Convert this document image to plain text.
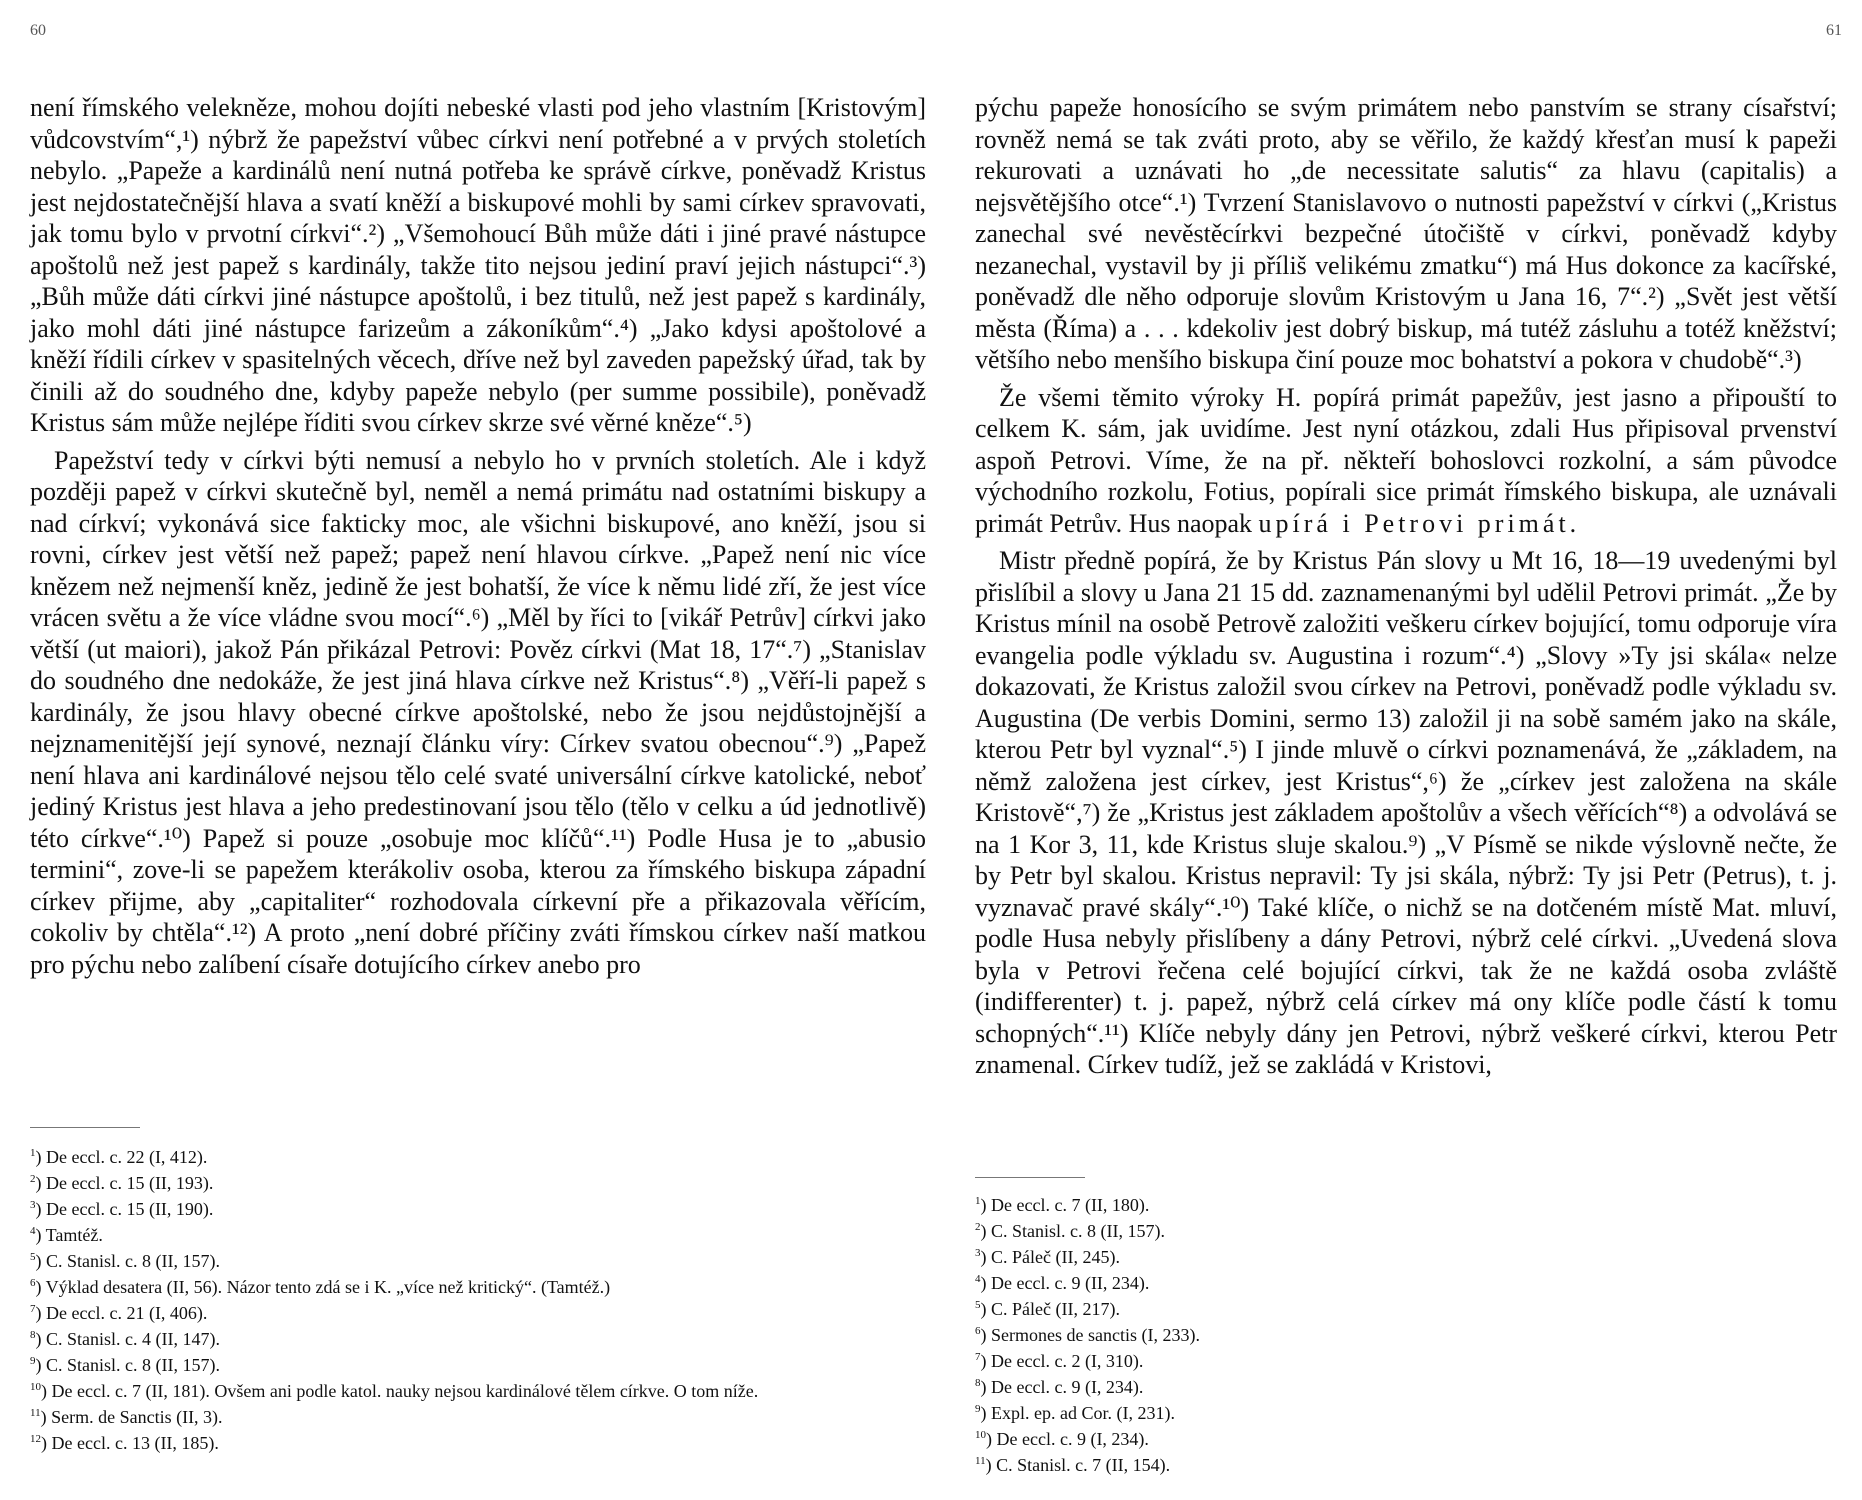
60

není římského velekněze, mohou dojíti nebeské vlasti pod jeho vlastním [Kristovým] vůdcovstvím“,¹) nýbrž že papežství vůbec církvi není potřebné a v prvých stoletích nebylo. „Papeže a kardinálů není nutná potřeba ke správě církve, poněvadž Kristus jest nejdostatečnější hlava a svatí kněží a biskupové mohli by sami církev spravovati, jak tomu bylo v prvotní církvi“.²) „Všemohoucí Bůh může dáti i jiné pravé nástupce apoštolů než jest papež s kardinály, takže tito nejsou jediní praví jejich nástupci“.³) „Bůh může dáti církvi jiné nástupce apoštolů, i bez titulů, než jest papež s kardinály, jako mohl dáti jiné nástupce farizeům a zákoníkům“.⁴) „Jako kdysi apoštolové a kněží řídili církev v spasitelných věcech, dříve než byl zaveden papežský úřad, tak by činili až do soudného dne, kdyby papeže nebylo (per summe possibile), poněvadž Kristus sám může nejlépe říditi svou církev skrze své věrné kněze“.⁵)

Papežství tedy v církvi býti nemusí a nebylo ho v prvních stoletích. Ale i když později papež v církvi skutečně byl, neměl a nemá primátu nad ostatními biskupy a nad církví; vykonává sice fakticky moc, ale všichni biskupové, ano kněží, jsou si rovni, církev jest větší než papež; papež není hlavou církve. „Papež není nic více knězem než nejmenší kněz, jedině že jest bohatší, že více k němu lidé zří, že jest více vrácen světu a že více vládne svou mocí“.⁶) „Měl by říci to [vikář Petrův] církvi jako větší (ut maiori), jakož Pán přikázal Petrovi: Pověz církvi (Mat 18, 17“.⁷) „Stanislav do soudného dne nedokáže, že jest jiná hlava církve než Kristus“.⁸) „Věří-li papež s kardinály, že jsou hlavy obecné církve apoštolské, nebo že jsou nejdůstojnější a nejznamenitější její synové, neznají článku víry: Církev svatou obecnou“.⁹) „Papež není hlava ani kardinálové nejsou tělo celé svaté universální církve katolické, neboť jediný Kristus jest hlava a jeho predestinovaní jsou tělo (tělo v celku a úd jednotlivě) této církve“.¹⁰) Papež si pouze „osobuje moc klíčů“.¹¹) Podle Husa je to „abusio termini“, zove-li se papežem kterákoliv osoba, kterou za římského biskupa západní církev přijme, aby „capitaliter“ rozhodovala církevní pře a přikazovala věřícím, cokoliv by chtěla“.¹²) A proto „není dobré příčiny zváti římskou církev naší matkou pro pýchu nebo zalíbení císaře dotujícího církev anebo pro

$^1$) De eccl. c. 22 (I, 412).

$^2$) De eccl. c. 15 (II, 193).

$^3$) De eccl. c. 15 (II, 190).

$^4$) Tamtéž.

$^5$) C. Stanisl. c. 8 (II, 157).

$^6$) Výklad desatera (II, 56). Názor tento zdá se i K. „více než kritický“. (Tamtéž.)

$^7$) De eccl. c. 21 (I, 406).

$^8$) C. Stanisl. c. 4 (II, 147).

$^9$) C. Stanisl. c. 8 (II, 157).

$^{10}$) De eccl. c. 7 (II, 181). Ovšem ani podle katol. nauky nejsou kardinálové tělem církve. O tom níže.

$^{11}$) Serm. de Sanctis (II, 3).

$^{12}$) De eccl. c. 13 (II, 185).

61

pýchu papeže honosícího se svým primátem nebo panstvím se strany císařství; rovněž nemá se tak zváti proto, aby se věřilo, že každý křesťan musí k papeži rekurovati a uznávati ho „de necessitate salutis“ za hlavu (capitalis) a nejsvětějšího otce“.¹) Tvrzení Stanislavovo o nutnosti papežství v církvi („Kristus zanechal své nevěstěcírkvi bezpečné útočiště v církvi, poněvadž kdyby nezanechal, vystavil by ji příliš velikému zmatku“) má Hus dokonce za kacířské, poněvadž dle něho odporuje slovům Kristovým u Jana 16, 7“.²) „Svět jest větší města (Říma) a . . . kdekoliv jest dobrý biskup, má tutéž zásluhu a totéž kněžství; většího nebo menšího biskupa činí pouze moc bohatství a pokora v chudobě“.³)

Že všemi těmito výroky H. popírá primát papežův, jest jasno a připouští to celkem K. sám, jak uvidíme. Jest nyní otázkou, zdali Hus připisoval prvenství aspoň Petrovi. Víme, že na př. někteří bohoslovci rozkolní, a sám původce východního rozkolu, Fotius, popírali sice primát římského biskupa, ale uznávali primát Petrův. Hus naopak upírá i Petrovi primát.

Mistr předně popírá, že by Kristus Pán slovy u Mt 16, 18—19 uvedenými byl přislíbil a slovy u Jana 21 15 dd. zaznamenanými byl udělil Petrovi primát. „Že by Kristus mínil na osobě Petrově založiti veškeru církev bojující, tomu odporuje víra evangelia podle výkladu sv. Augustina i rozum“.⁴) „Slovy »Ty jsi skála« nelze dokazovati, že Kristus založil svou církev na Petrovi, poněvadž podle výkladu sv. Augustina (De verbis Domini, sermo 13) založil ji na sobě samém jako na skále, kterou Petr byl vyznal“.⁵) I jinde mluvě o církvi poznamenává, že „základem, na němž založena jest církev, jest Kristus“,⁶) že „církev jest založena na skále Kristově“,⁷) že „Kristus jest základem apoštolův a všech věřících“⁸) a odvolává se na 1 Kor 3, 11, kde Kristus sluje skalou.⁹) „V Písmě se nikde výslovně nečte, že by Petr byl skalou. Kristus nepravil: Ty jsi skála, nýbrž: Ty jsi Petr (Petrus), t. j. vyznavač pravé skály“.¹⁰) Také klíče, o nichž se na dotčeném místě Mat. mluví, podle Husa nebyly přislíbeny a dány Petrovi, nýbrž celé církvi. „Uvedená slova byla v Petrovi řečena celé bojující církvi, tak že ne každá osoba zvláště (indifferenter) t. j. papež, nýbrž celá církev má ony klíče podle částí k tomu schopných“.¹¹) Klíče nebyly dány jen Petrovi, nýbrž veškeré církvi, kterou Petr znamenal. Církev tudíž, jež se zakládá v Kristovi,

$^1$) De eccl. c. 7 (II, 180).

$^2$) C. Stanisl. c. 8 (II, 157).

$^3$) C. Páleč (II, 245).

$^4$) De eccl. c. 9 (II, 234).

$^5$) C. Páleč (II, 217).

$^6$) Sermones de sanctis (I, 233).

$^7$) De eccl. c. 2 (I, 310).

$^8$) De eccl. c. 9 (I, 234).

$^9$) Expl. ep. ad Cor. (I, 231).

$^{10}$) De eccl. c. 9 (I, 234).

$^{11}$) C. Stanisl. c. 7 (II, 154).
